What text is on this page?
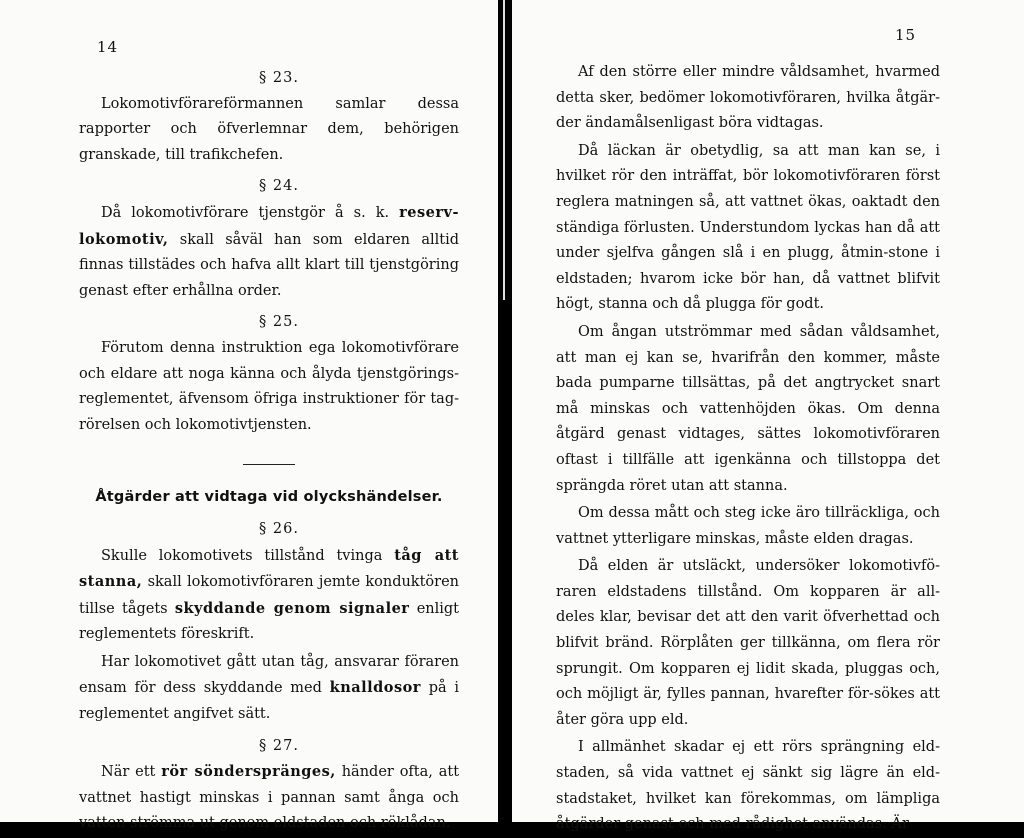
14

§ 23.

Lokomotivförareförmannen samlar dessa rapporter och öfverlemnar dem, behörigen granskade, till trafikchefen.

§ 24.

Då lokomotivförare tjenstgör å s. k. reserv-lokomotiv, skall såväl han som eldaren alltid finnas tillstädes och hafva allt klart till tjenstgöring genast efter erhållna order.

§ 25.

Förutom denna instruktion ega lokomotivförare och eldare att noga känna och ålyda tjenstgörings-reglementet, äfvensom öfriga instruktioner för tag-rörelsen och lokomotivtjensten.

Åtgärder att vidtaga vid olyckshändelser.

§ 26.

Skulle lokomotivets tillstånd tvinga tåg att stanna, skall lokomotivföraren jemte konduktören tillse tågets skyddande genom signaler enligt reglementets föreskrift.

Har lokomotivet gått utan tåg, ansvarar föraren ensam för dess skyddande med knalldosor på i reglementet angifvet sätt.

§ 27.

När ett rör sönderspränges, händer ofta, att vattnet hastigt minskas i pannan samt ånga och vatten strömma ut genom eldstaden och röklådan.

15

Af den större eller mindre våldsamhet, hvarmed detta sker, bedömer lokomotivföraren, hvilka åtgär-der ändamålsenligast böra vidtagas.

Då läckan är obetydlig, sa att man kan se, i hvilket rör den inträffat, bör lokomotivföraren först reglera matningen så, att vattnet ökas, oaktadt den ständiga förlusten. Understundom lyckas han då att under sjelfva gången slå i en plugg, åtmin-stone i eldstaden; hvarom icke bör han, då vattnet blifvit högt, stanna och då plugga för godt.

Om ångan utströmmar med sådan våldsamhet, att man ej kan se, hvarifrån den kommer, måste bada pumparne tillsättas, på det angtrycket snart må minskas och vattenhöjden ökas. Om denna åtgärd genast vidtages, sättes lokomotivföraren oftast i tillfälle att igenkänna och tillstoppa det sprängda röret utan att stanna.

Om dessa mått och steg icke äro tillräckliga, och vattnet ytterligare minskas, måste elden dragas.

Då elden är utsläckt, undersöker lokomotivfö-raren eldstadens tillstånd. Om kopparen är all-deles klar, bevisar det att den varit öfverhettad och blifvit bränd. Rörplåten ger tillkänna, om flera rör sprungit. Om kopparen ej lidit skada, pluggas och, och möjligt är, fylles pannan, hvarefter för-sökes att åter göra upp eld.

I allmänhet skadar ej ett rörs sprängning eld-staden, så vida vattnet ej sänkt sig lägre än eld-stadstaket, hvilket kan förekommas, om lämpliga åtgärder genast och med rådighet användas. Är
